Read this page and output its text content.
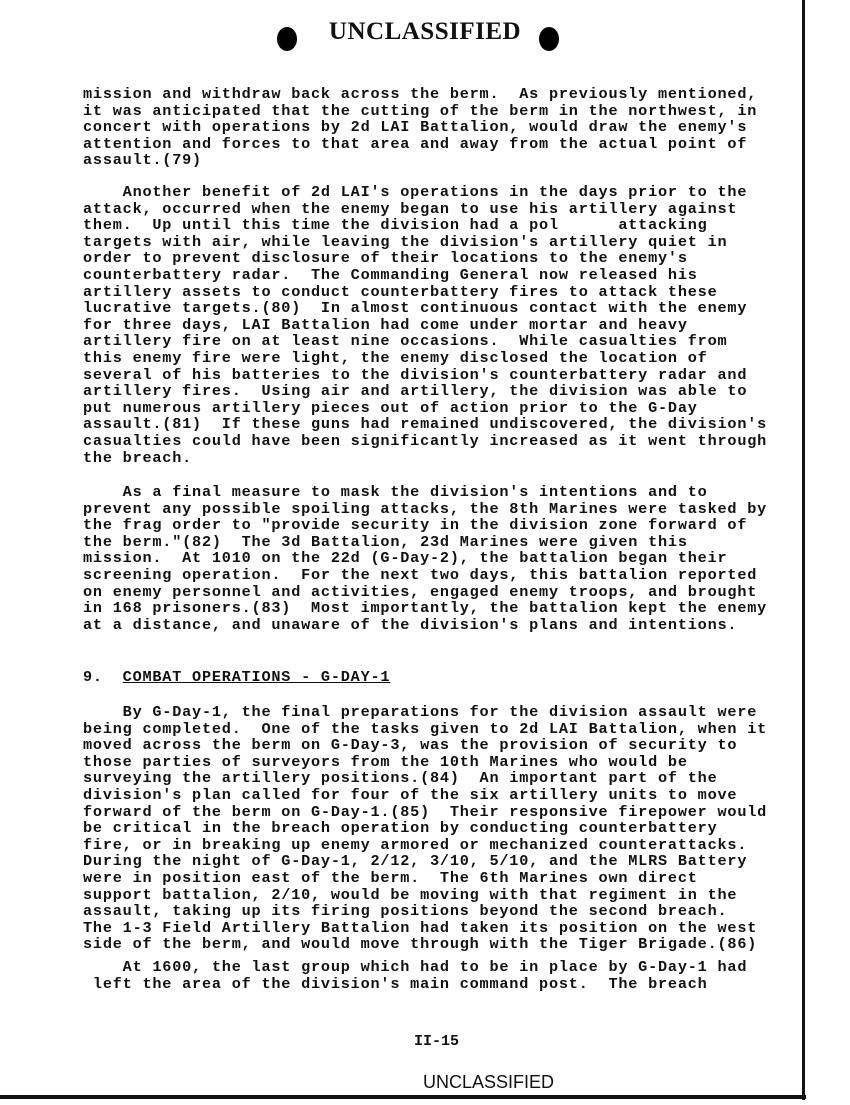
UNCLASSIFIED
mission and withdraw back across the berm.  As previously mentioned,
it was anticipated that the cutting of the berm in the northwest, in
concert with operations by 2d LAI Battalion, would draw the enemy's
attention and forces to that area and away from the actual point of
assault.(79)
Another benefit of 2d LAI's operations in the days prior to the
attack, occurred when the enemy began to use his artillery against
them.  Up until this time the division had a pol      attacking
targets with air, while leaving the division's artillery quiet in
order to prevent disclosure of their locations to the enemy's
counterbattery radar.  The Commanding General now released his
artillery assets to conduct counterbattery fires to attack these
lucrative targets.(80)  In almost continuous contact with the enemy
for three days, LAI Battalion had come under mortar and heavy
artillery fire on at least nine occasions.  While casualties from
this enemy fire were light, the enemy disclosed the location of
several of his batteries to the division's counterbattery radar and
artillery fires.  Using air and artillery, the division was able to
put numerous artillery pieces out of action prior to the G-Day
assault.(81)  If these guns had remained undiscovered, the division's
casualties could have been significantly increased as it went through
the breach.
As a final measure to mask the division's intentions and to
prevent any possible spoiling attacks, the 8th Marines were tasked by
the frag order to "provide security in the division zone forward of
the berm."(82)  The 3d Battalion, 23d Marines were given this
mission.  At 1010 on the 22d (G-Day-2), the battalion began their
screening operation.  For the next two days, this battalion reported
on enemy personnel and activities, engaged enemy troops, and brought
in 168 prisoners.(83)  Most importantly, the battalion kept the enemy
at a distance, and unaware of the division's plans and intentions.
9. COMBAT OPERATIONS - G-DAY-1
By G-Day-1, the final preparations for the division assault were
being completed.  One of the tasks given to 2d LAI Battalion, when it
moved across the berm on G-Day-3, was the provision of security to
those parties of surveyors from the 10th Marines who would be
surveying the artillery positions.(84)  An important part of the
division's plan called for four of the six artillery units to move
forward of the berm on G-Day-1.(85)  Their responsive firepower would
be critical in the breach operation by conducting counterbattery
fire, or in breaking up enemy armored or mechanized counterattacks.
During the night of G-Day-1, 2/12, 3/10, 5/10, and the MLRS Battery
were in position east of the berm.  The 6th Marines own direct
support battalion, 2/10, would be moving with that regiment in the
assault, taking up its firing positions beyond the second breach.
The 1-3 Field Artillery Battalion had taken its position on the west
side of the berm, and would move through with the Tiger Brigade.(86)
At 1600, the last group which had to be in place by G-Day-1 had
left the area of the division's main command post.  The breach
II-15
UNCLASSIFIED
